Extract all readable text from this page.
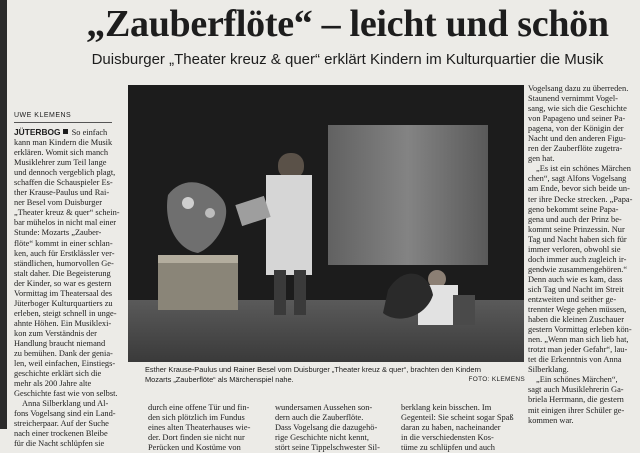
„Zauberflöte“ – leicht und schön
Duisburger „Theater kreuz & quer“ erklärt Kindern im Kulturquartier die Musik
UWE KLEMENS
JÜTERBOG So einfach
kann man Kindern die Musik
erklären. Womit sich manch
Musiklehrer zum Teil lange
und dennoch vergeblich plagt,
schaffen die Schauspieler Es-
ther Krause-Paulus und Rai-
ner Besel vom Duisburger
„Theater kreuz & quer“ schein-
bar mühelos in nicht mal einer
Stunde: Mozarts „Zauber-
flöte“ kommt in einer schlan-
ken, auch für Erstklässler ver-
ständlichen, humorvollen Ge-
stalt daher. Die Begeisterung
der Kinder, so war es gestern
Vormittag im Theatersaal des
Jüterboger Kulturquartiers zu
erleben, steigt schnell in unge-
ahnte Höhen. Ein Musiklexi-
kon zum Verständnis der
Handlung braucht niemand
zu bemühen. Dank der genia-
len, weil einfachen, Einstiegs-
geschichte erklärt sich die
mehr als 200 Jahre alte
Geschichte fast wie von selbst.
Anna Silberklang und Al-
fons Vogelsang sind ein Land-
streicherpaar. Auf der Suche
nach einer trockenen Bleibe
für die Nacht schlüpfen sie
Esther Krause-Paulus und Rainer Besel vom Duisburger „Theater kreuz & quer“, brachten den Kindern
Mozarts „Zauberflöte“ als Märchenspiel nahe.	FOTO: KLEMENS
durch eine offene Tür und fin-
den sich plötzlich im Fundus
eines alten Theaterhauses wie-
der. Dort finden sie nicht nur
Perücken und Kostüme von
wundersamen Aussehen son-
dern auch die Zauberflöte.
Dass Vogelsang die dazugehö-
rige Geschichte nicht kennt,
stört seine Tippelschwester Sil-
berklang kein bisschen. Im
Gegenteil: Sie scheint sogar Spaß
daran zu haben, nacheinander
in die verschiedensten Kos-
tüme zu schlüpfen und auch
Vogelsang dazu zu überreden.
Staunend vernimmt Vogel-
sang, wie sich die Geschichte
von Papageno und seiner Pa-
pagena, von der Königin der
Nacht und den anderen Figu-
ren der Zauberflöte zugetra-
gen hat.
„Es ist ein schönes Märchen
chen“, sagt Alfons Vogelsang
am Ende, bevor sich beide un-
ter ihre Decke strecken. „Papa-
geno bekommt seine Papa-
gena und auch der Prinz be-
kommt seine Prinzessin. Nur
Tag und Nacht haben sich für
immer verloren, obwohl sie
doch immer auch zugleich ir-
gendwie zusammengehören.“
Denn auch wie es kam, dass
sich Tag und Nacht im Streit
entzweiten und seither ge-
trennter Wege gehen müssen,
haben die kleinen Zuschauer
gestern Vormittag erleben kön-
nen. „Wenn man sich lieb hat,
trotzt man jeder Gefahr“, lau-
tet die Erkenntnis von Anna
Silberklang.
„Ein schönes Märchen“,
sagt auch Musiklehrerin Ga-
briela Herrmann, die gestern
mit einigen ihrer Schüler ge-
kommen war.
